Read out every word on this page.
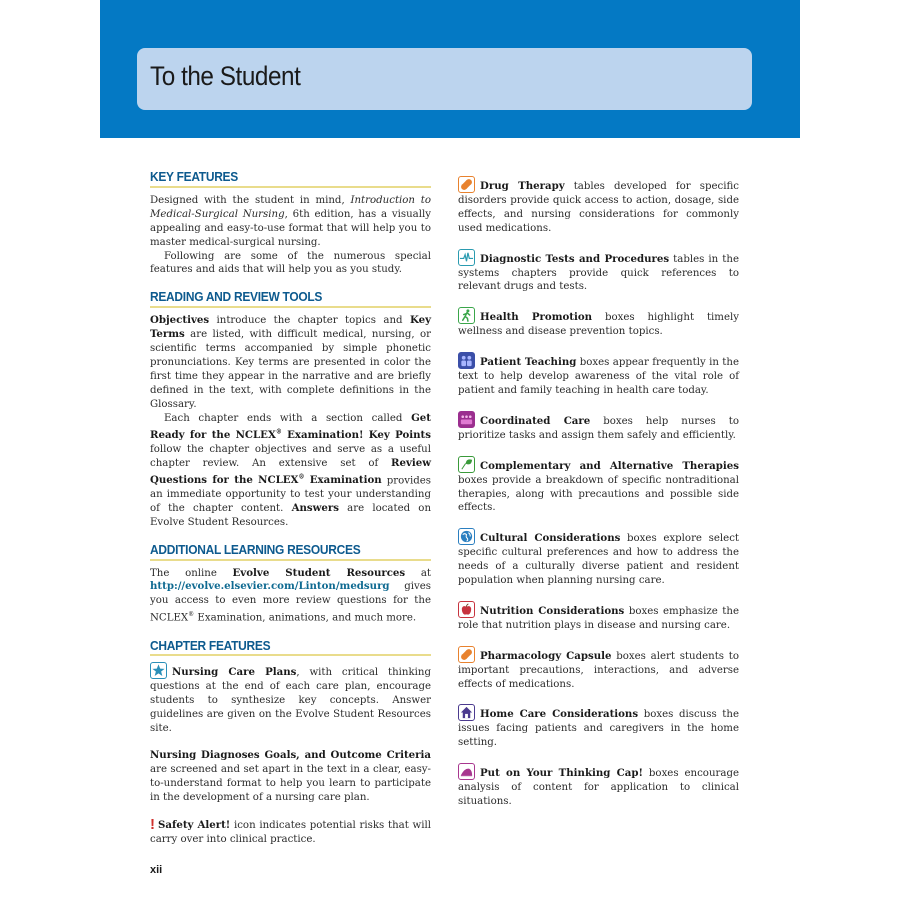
To the Student
KEY FEATURES

Designed with the student in mind, Introduction to Medical-Surgical Nursing, 6th edition, has a visually appealing and easy-to-use format that will help you to master medical-surgical nursing.

Following are some of the numerous special features and aids that will help you as you study.

READING AND REVIEW TOOLS

Objectives introduce the chapter topics and Key Terms are listed, with difficult medical, nursing, or scientific terms accompanied by simple phonetic pronunciations. Key terms are presented in color the first time they appear in the narrative and are briefly defined in the text, with complete definitions in the Glossary.

Each chapter ends with a section called Get Ready for the NCLEX® Examination! Key Points follow the chapter objectives and serve as a useful chapter review. An extensive set of Review Questions for the NCLEX® Examination provides an immediate opportunity to test your understanding of the chapter content. Answers are located on Evolve Student Resources.

ADDITIONAL LEARNING RESOURCES

The online Evolve Student Resources at http://evolve.elsevier.com/Linton/medsurg gives you access to even more review questions for the NCLEX® Examination, animations, and much more.

CHAPTER FEATURES

Nursing Care Plans, with critical thinking questions at the end of each care plan, encourage students to synthesize key concepts. Answer guidelines are given on the Evolve Student Resources site.

Nursing Diagnoses Goals, and Outcome Criteria are screened and set apart in the text in a clear, easy-to-understand format to help you learn to participate in the development of a nursing care plan.

! Safety Alert! icon indicates potential risks that will carry over into clinical practice.

Drug Therapy tables developed for specific disorders provide quick access to action, dosage, side effects, and nursing considerations for commonly used medications.

Diagnostic Tests and Procedures tables in the systems chapters provide quick references to relevant drugs and tests.

Health Promotion boxes highlight timely wellness and disease prevention topics.

Patient Teaching boxes appear frequently in the text to help develop awareness of the vital role of patient and family teaching in health care today.

Coordinated Care boxes help nurses to prioritize tasks and assign them safely and efficiently.

Complementary and Alternative Therapies boxes provide a breakdown of specific nontraditional therapies, along with precautions and possible side effects.

Cultural Considerations boxes explore select specific cultural preferences and how to address the needs of a culturally diverse patient and resident population when planning nursing care.

Nutrition Considerations boxes emphasize the role that nutrition plays in disease and nursing care.

Pharmacology Capsule boxes alert students to important precautions, interactions, and adverse effects of medications.

Home Care Considerations boxes discuss the issues facing patients and caregivers in the home setting.

Put on Your Thinking Cap! boxes encourage analysis of content for application to clinical situations.

xii
